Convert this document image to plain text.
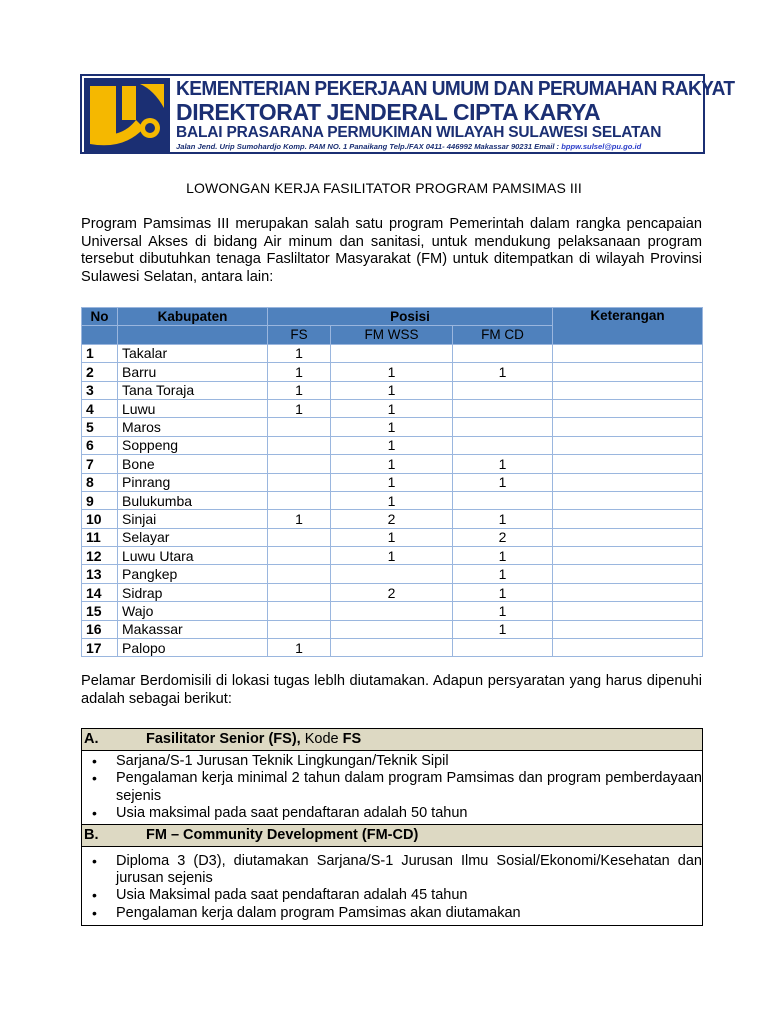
KEMENTERIAN PEKERJAAN UMUM DAN PERUMAHAN RAKYAT
DIREKTORAT JENDERAL CIPTA KARYA
BALAI PRASARANA PERMUKIMAN WILAYAH SULAWESI SELATAN
Jalan Jend. Urip Sumohardjo Komp. PAM NO. 1 Panaikang Telp./FAX 0411- 446992 Makassar 90231 Email : bppw.sulsel@pu.go.id
LOWONGAN KERJA FASILITATOR PROGRAM PAMSIMAS III
Program Pamsimas III merupakan salah satu program Pemerintah dalam rangka pencapaian Universal Akses di bidang Air minum dan sanitasi, untuk mendukung pelaksanaan program tersebut dibutuhkan tenaga Fasliltator Masyarakat (FM) untuk ditempatkan di wilayah Provinsi Sulawesi Selatan, antara lain:
No	Kabupaten	Posisi			Keterangan
		FS	FM WSS	FM CD	
1	Takalar	1			
2	Barru	1	1	1	
3	Tana Toraja	1	1		
4	Luwu	1	1		
5	Maros		1		
6	Soppeng		1		
7	Bone		1	1	
8	Pinrang		1	1	
9	Bulukumba		1		
10	Sinjai	1	2	1	
11	Selayar		1	2	
12	Luwu Utara		1	1	
13	Pangkep			1	
14	Sidrap		2	1	
15	Wajo			1	
16	Makassar			1	
17	Palopo	1			
Pelamar Berdomisili di lokasi tugas leblh diutamakan. Adapun persyaratan yang harus dipenuhi adalah sebagai berikut:
A.	Fasilitator Senior (FS), Kode FS
• Sarjana/S-1 Jurusan Teknik Lingkungan/Teknik Sipil
• Pengalaman kerja minimal 2 tahun dalam program Pamsimas dan program pemberdayaan sejenis
• Usia maksimal pada saat pendaftaran adalah 50 tahun
B.	FM – Community Development (FM-CD)
• Diploma 3 (D3), diutamakan Sarjana/S-1 Jurusan Ilmu Sosial/Ekonomi/Kesehatan dan jurusan sejenis
• Usia Maksimal pada saat pendaftaran adalah 45 tahun
• Pengalaman kerja dalam program Pamsimas akan diutamakan
